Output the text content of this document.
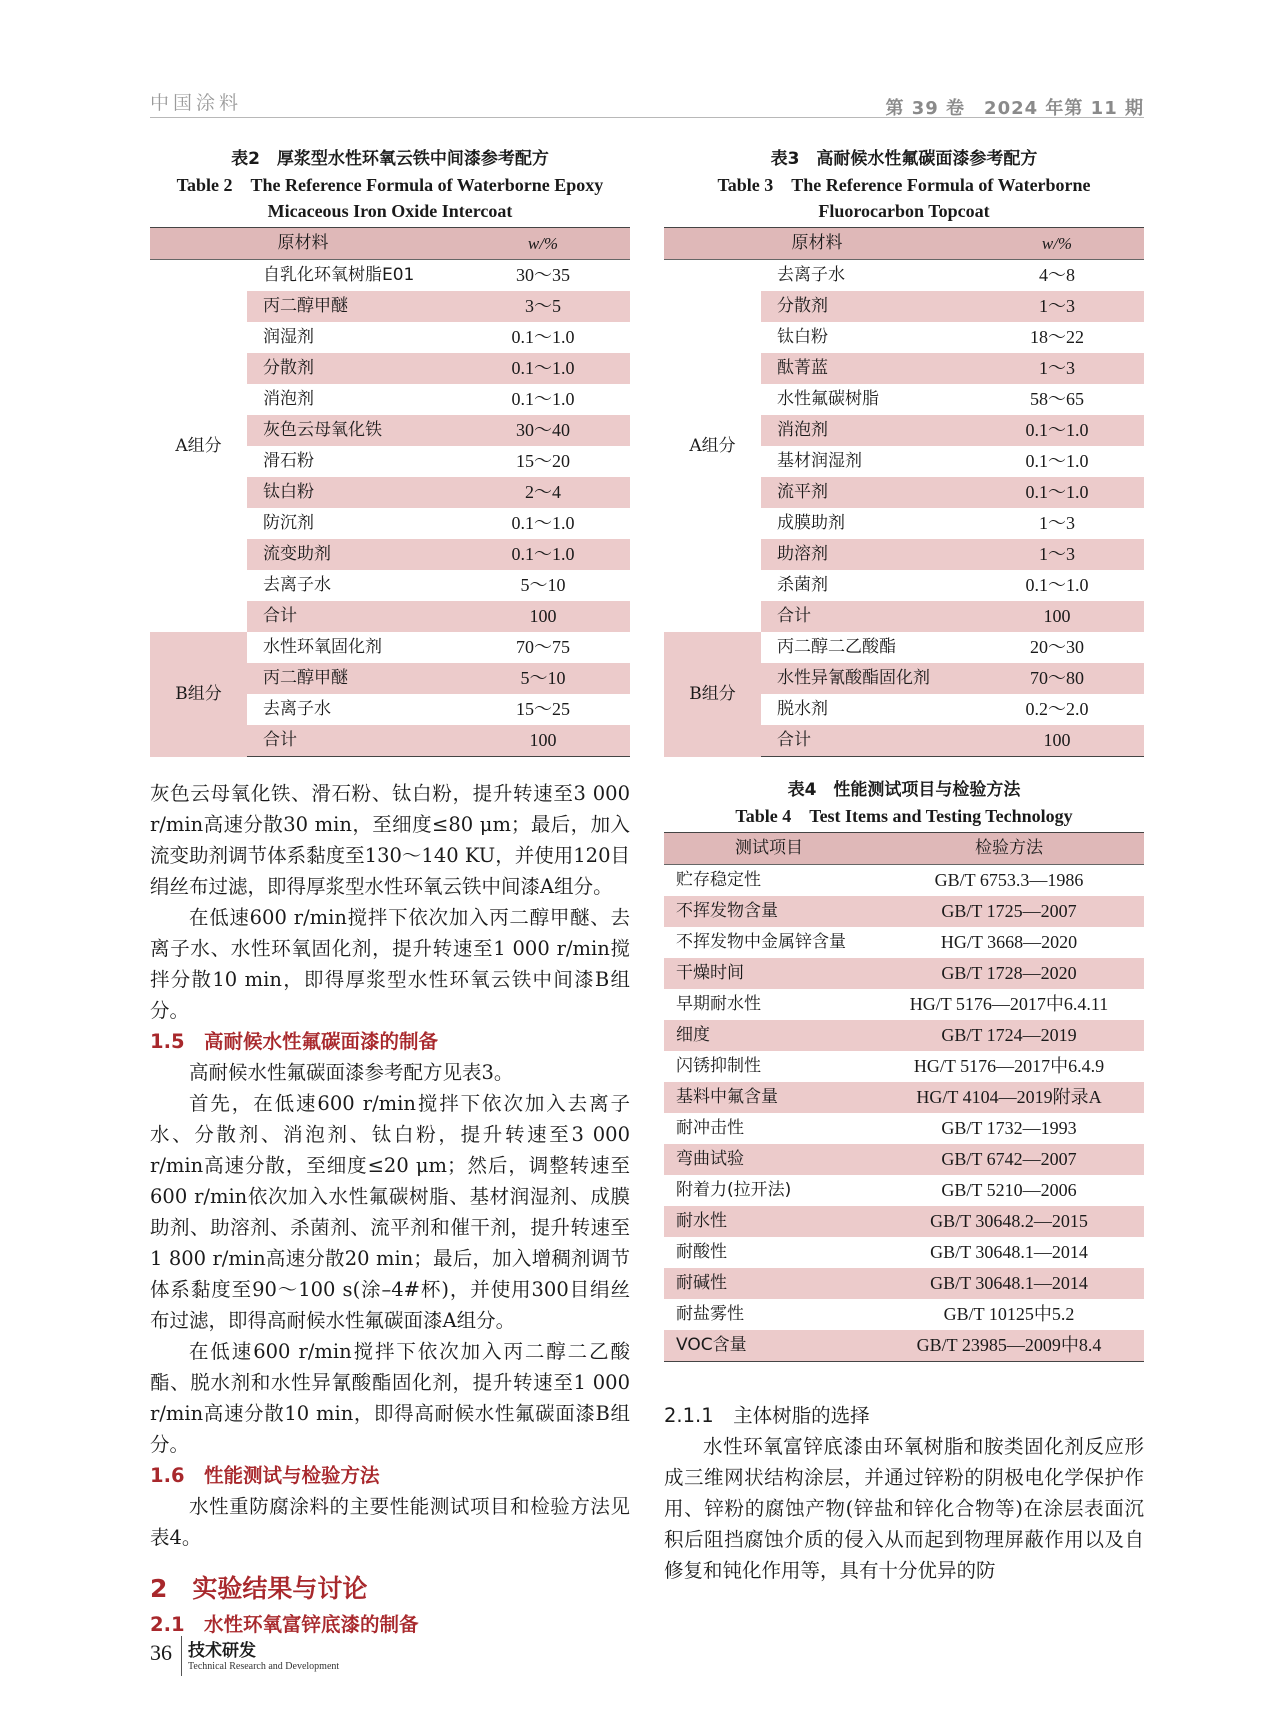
中国涂料	第 39 卷　2024 年第 11 期
表2　厚浆型水性环氧云铁中间漆参考配方
Table 2　The Reference Formula of Waterborne Epoxy
Micaceous Iron Oxide Intercoat
原材料		w/%
A组分	自乳化环氧树脂E01	30～35
	丙二醇甲醚	3～5
	润湿剂	0.1～1.0
	分散剂	0.1～1.0
	消泡剂	0.1～1.0
	灰色云母氧化铁	30～40
	滑石粉	15～20
	钛白粉	2～4
	防沉剂	0.1～1.0
	流变助剂	0.1～1.0
	去离子水	5～10
	合计	100
B组分	水性环氧固化剂	70～75
	丙二醇甲醚	5～10
	去离子水	15～25
	合计	100
表3　高耐候水性氟碳面漆参考配方
Table 3　The Reference Formula of Waterborne
Fluorocarbon Topcoat
原材料		w/%
A组分	去离子水	4～8
	分散剂	1～3
	钛白粉	18～22
	酞菁蓝	1～3
	水性氟碳树脂	58～65
	消泡剂	0.1～1.0
	基材润湿剂	0.1～1.0
	流平剂	0.1～1.0
	成膜助剂	1～3
	助溶剂	1～3
	杀菌剂	0.1～1.0
	合计	100
B组分	丙二醇二乙酸酯	20～30
	水性异氰酸酯固化剂	70～80
	脱水剂	0.2～2.0
	合计	100
表4　性能测试项目与检验方法
Table 4　Test Items and Testing Technology
测试项目	检验方法
贮存稳定性	GB/T 6753.3—1986
不挥发物含量	GB/T 1725—2007
不挥发物中金属锌含量	HG/T 3668—2020
干燥时间	GB/T 1728—2020
早期耐水性	HG/T 5176—2017中6.4.11
细度	GB/T 1724—2019
闪锈抑制性	HG/T 5176—2017中6.4.9
基料中氟含量	HG/T 4104—2019附录A
耐冲击性	GB/T 1732—1993
弯曲试验	GB/T 6742—2007
附着力(拉开法)	GB/T 5210—2006
耐水性	GB/T 30648.2—2015
耐酸性	GB/T 30648.1—2014
耐碱性	GB/T 30648.1—2014
耐盐雾性	GB/T 10125中5.2
VOC含量	GB/T 23985—2009中8.4

灰色云母氧化铁、滑石粉、钛白粉，提升转速至3 000 r/min高速分散30 min，至细度≤80 μm；最后，加入流变助剂调节体系黏度至130～140 KU，并使用120目绢丝布过滤，即得厚浆型水性环氧云铁中间漆A组分。

在低速600 r/min搅拌下依次加入丙二醇甲醚、去离子水、水性环氧固化剂，提升转速至1 000 r/min搅拌分散10 min，即得厚浆型水性环氧云铁中间漆B组分。

1.5　高耐候水性氟碳面漆的制备

高耐候水性氟碳面漆参考配方见表3。

首先，在低速600 r/min搅拌下依次加入去离子水、分散剂、消泡剂、钛白粉，提升转速至3 000 r/min高速分散，至细度≤20 μm；然后，调整转速至600 r/min依次加入水性氟碳树脂、基材润湿剂、成膜助剂、助溶剂、杀菌剂、流平剂和催干剂，提升转速至1 800 r/min高速分散20 min；最后，加入增稠剂调节体系黏度至90～100 s(涂–4#杯)，并使用300目绢丝布过滤，即得高耐候水性氟碳面漆A组分。

在低速600 r/min搅拌下依次加入丙二醇二乙酸酯、脱水剂和水性异氰酸酯固化剂，提升转速至1 000 r/min高速分散10 min，即得高耐候水性氟碳面漆B组分。

1.6　性能测试与检验方法

水性重防腐涂料的主要性能测试项目和检验方法见表4。

2　实验结果与讨论
2.1　水性环氧富锌底漆的制备
2.1.1　主体树脂的选择

水性环氧富锌底漆由环氧树脂和胺类固化剂反应形成三维网状结构涂层，并通过锌粉的阴极电化学保护作用、锌粉的腐蚀产物(锌盐和锌化合物等)在涂层表面沉积后阻挡腐蚀介质的侵入从而起到物理屏蔽作用以及自修复和钝化作用等，具有十分优异的防

36 技术研发
Technical Research and Development
